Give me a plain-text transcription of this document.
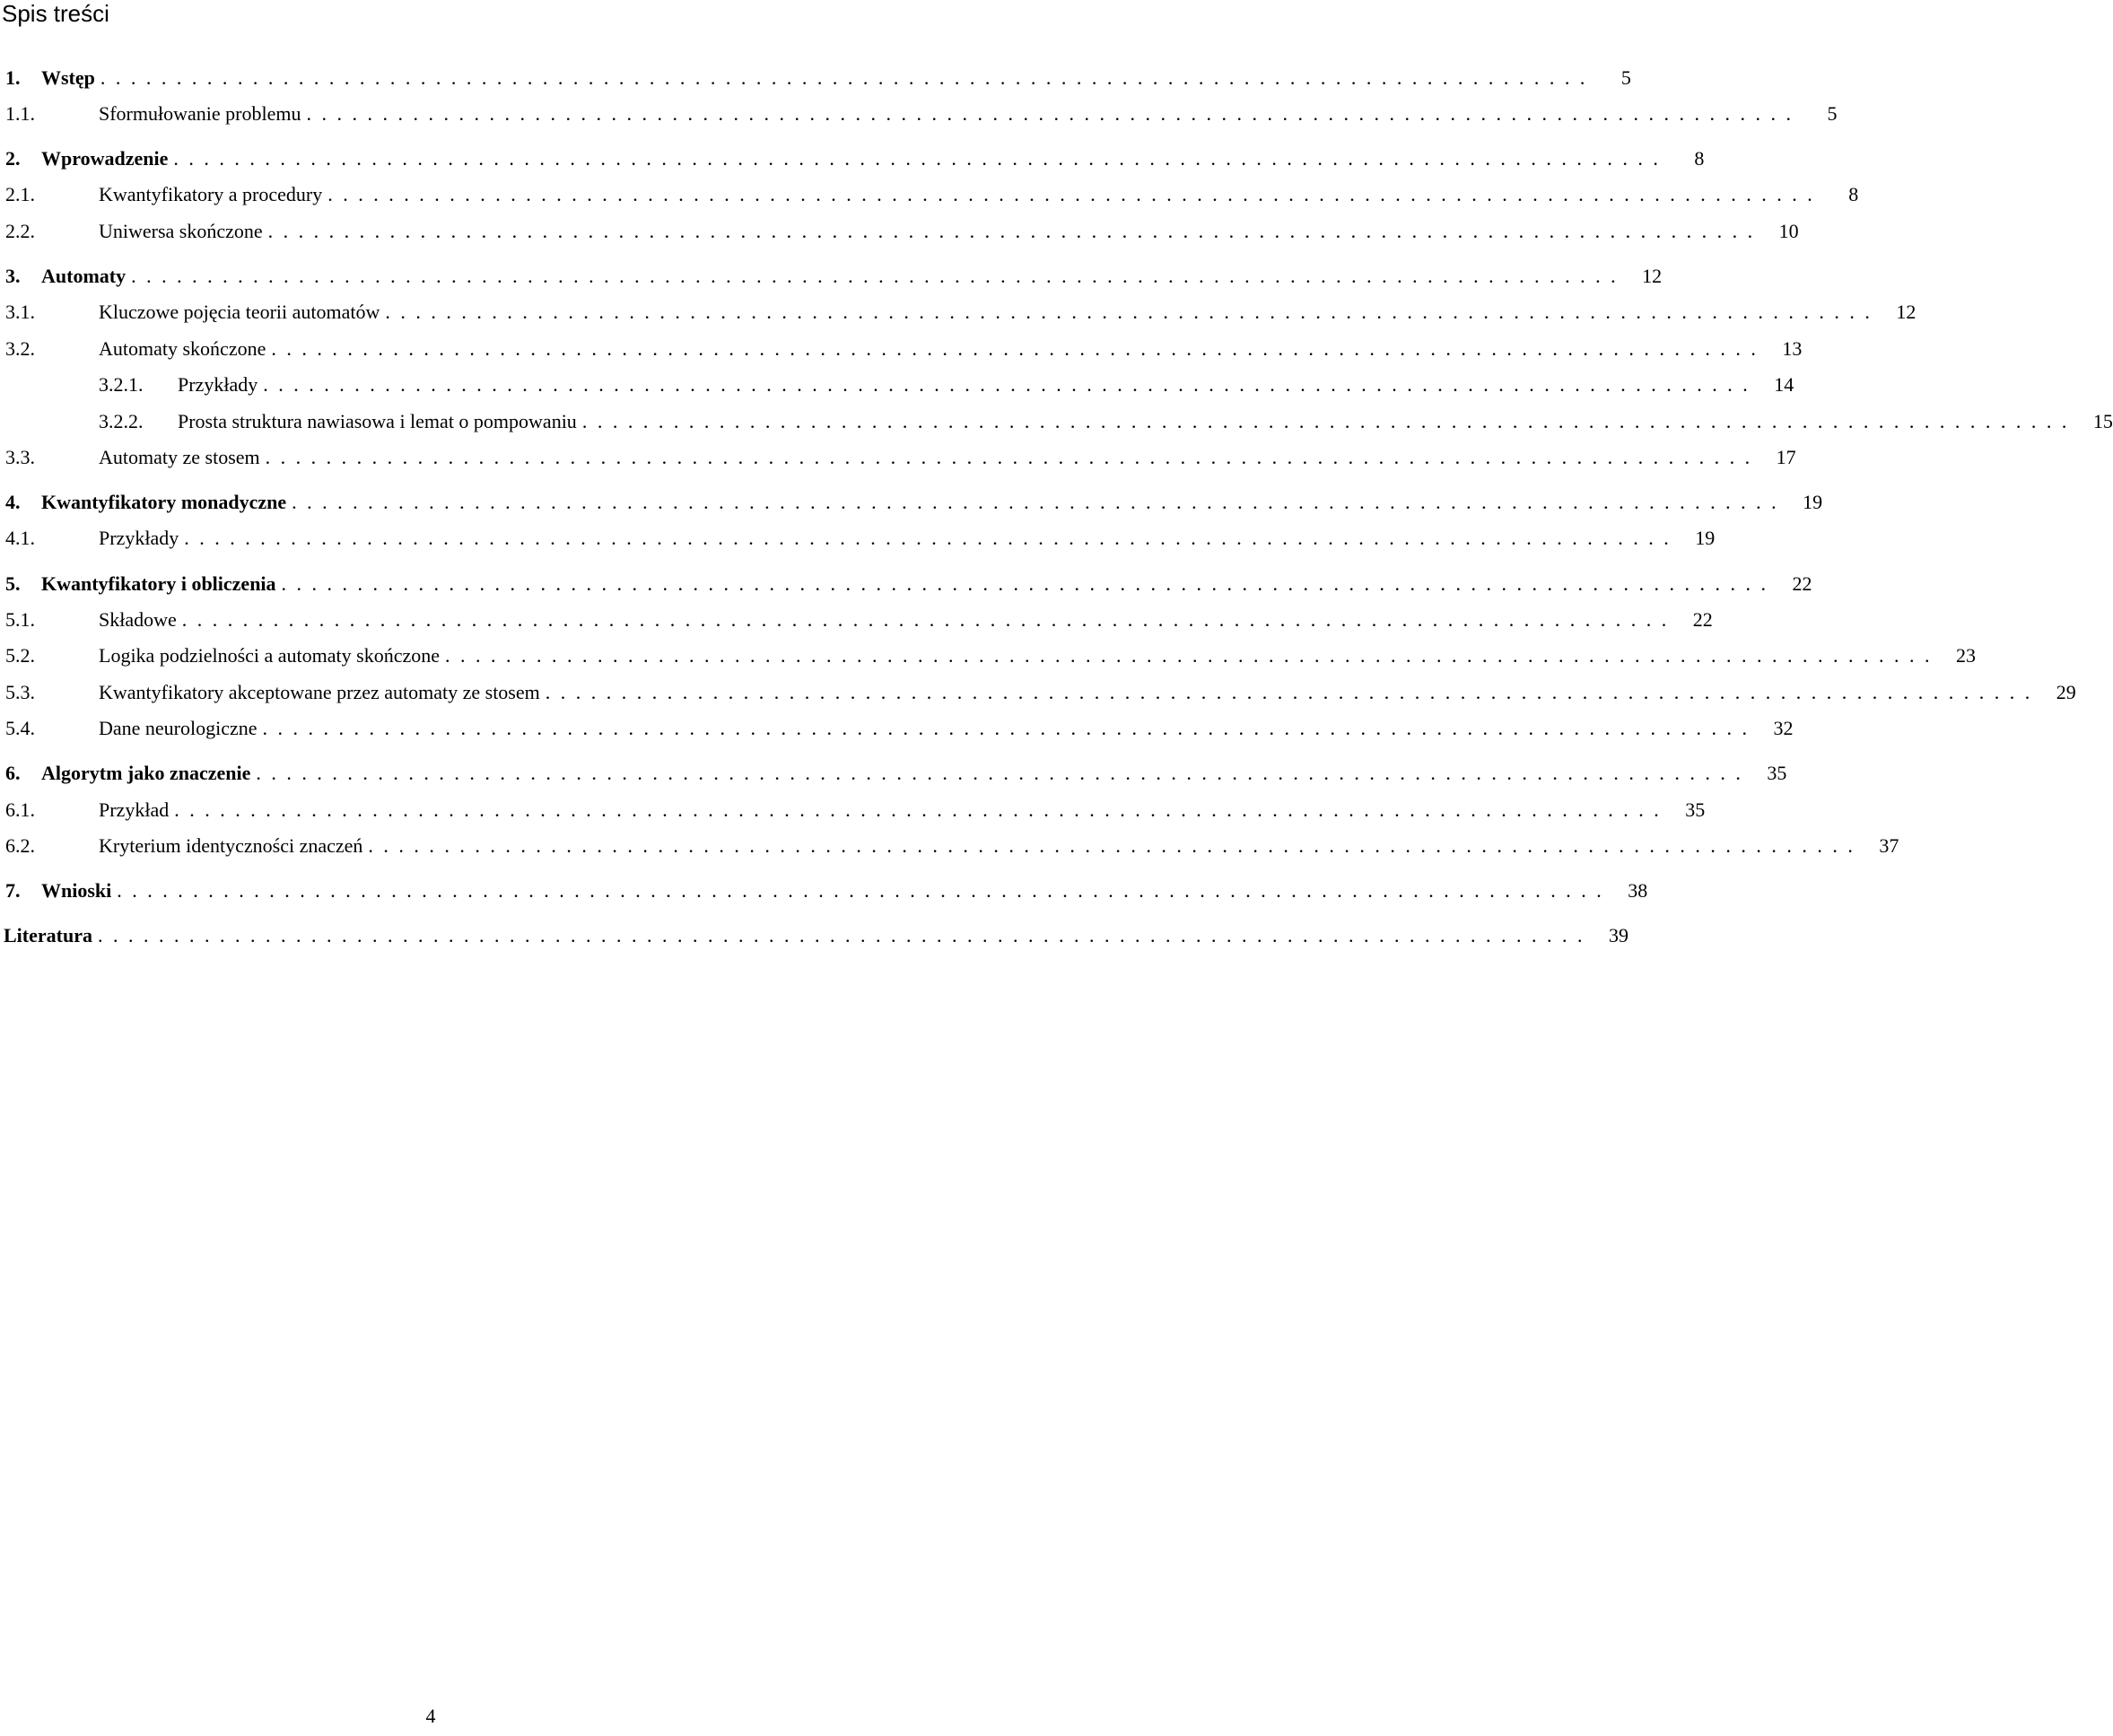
Spis treści
1.	Wstęp ..................................................................................................	5
1.1.	Sformułowanie problemu ..................................................................................................	5
2.	Wprowadzenie ..................................................................................................	8
2.1.	Kwantyfikatory a procedury ..................................................................................................	8
2.2.	Uniwersa skończone .................................................................................................. 10
3.	Automaty .................................................................................................. 12
3.1.	Kluczowe pojęcia teorii automatów .................................................................................................. 12
3.2.	Automaty skończone .................................................................................................. 13
3.2.1.	Przykłady .................................................................................................. 14
3.2.2.	Prosta struktura nawiasowa i lemat o pompowaniu .................................................................................................. 15
3.3.	Automaty ze stosem .................................................................................................. 17
4.	Kwantyfikatory monadyczne .................................................................................................. 19
4.1.	Przykłady .................................................................................................. 19
5.	Kwantyfikatory i obliczenia .................................................................................................. 22
5.1.	Składowe .................................................................................................. 22
5.2.	Logika podzielności a automaty skończone .................................................................................................. 23
5.3.	Kwantyfikatory akceptowane przez automaty ze stosem .................................................................................................. 29
5.4.	Dane neurologiczne .................................................................................................. 32
6.	Algorytm jako znaczenie .................................................................................................. 35
6.1.	Przykład .................................................................................................. 35
6.2.	Kryterium identyczności znaczeń .................................................................................................. 37
7.	Wnioski .................................................................................................. 38
Literatura .................................................................................................. 39
4
